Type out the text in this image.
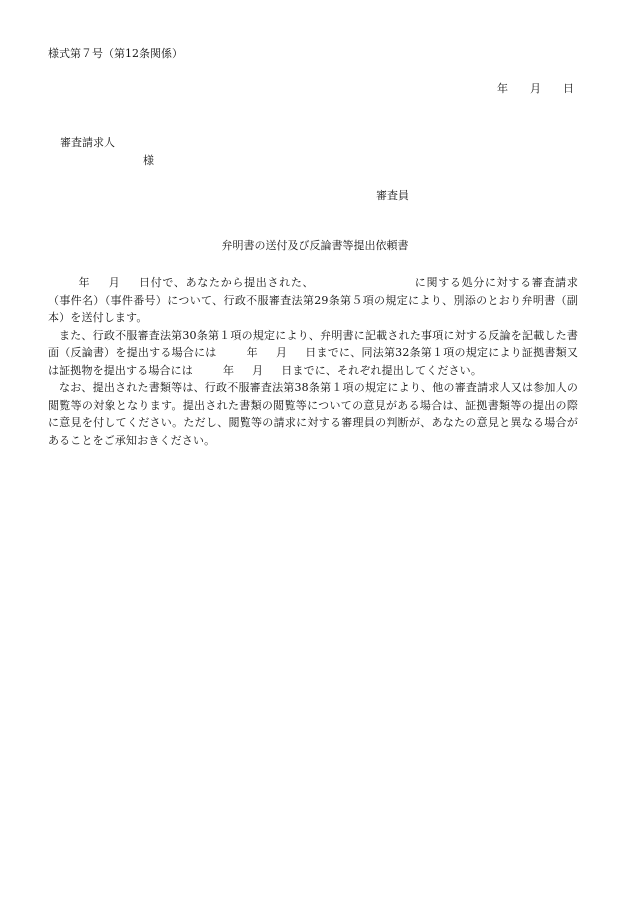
様式第７号（第12条関係）
年 月 日
審査請求人
様
審査員
弁明書の送付及び反論書等提出依頼書

年 月 日付で、あなたから提出された、	に関する処分に対する審査請求（事件名）（事件番号）について、行政不服審査法第29条第５項の規定により、別添のとおり弁明書（副本）を送付します。

また、行政不服審査法第30条第１項の規定により、弁明書に記載された事項に対する反論を記載した書面（反論書）を提出する場合には	年 月 日までに、同法第32条第１項の規定により証拠書類又は証拠物を提出する場合には	年 月 日までに、それぞれ提出してください。

なお、提出された書類等は、行政不服審査法第38条第１項の規定により、他の審査請求人又は参加人の閲覧等の対象となります。提出された書類の閲覧等についての意見がある場合は、証拠書類等の提出の際に意見を付してください。ただし、閲覧等の請求に対する審理員の判断が、あなたの意見と異なる場合があることをご承知おきください。
